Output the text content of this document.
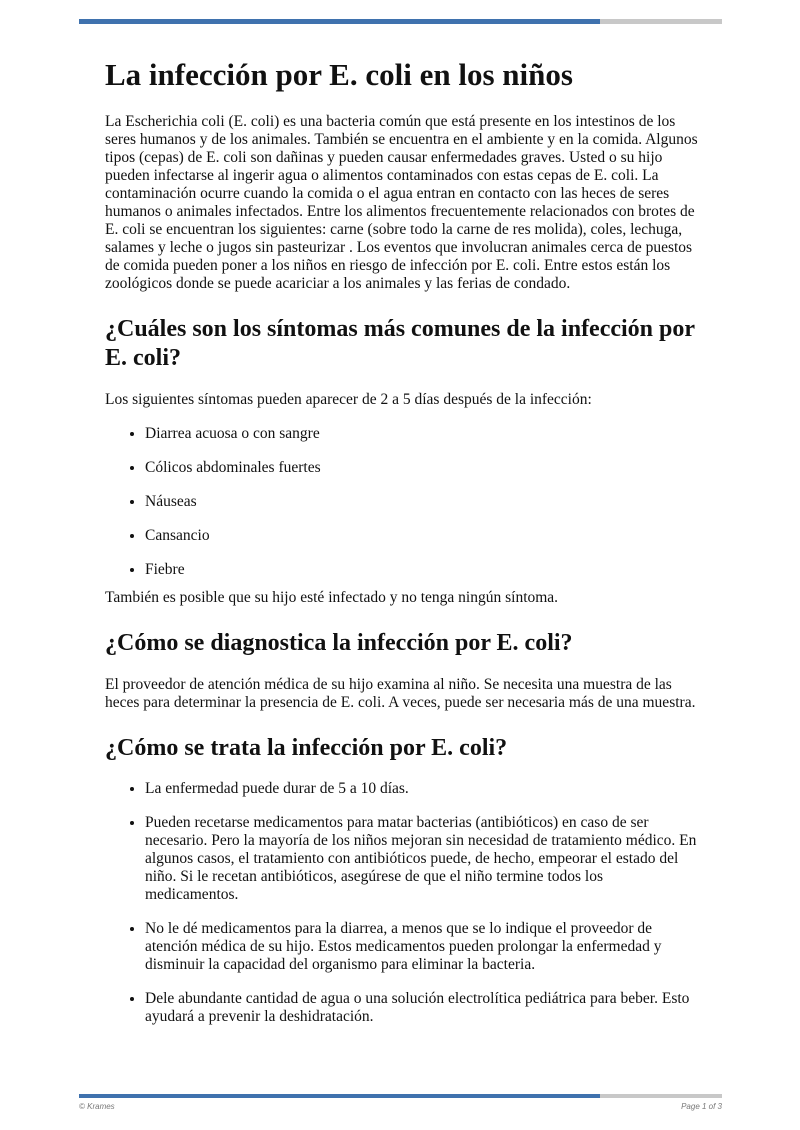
La infección por E. coli en los niños

La Escherichia coli (E. coli) es una bacteria común que está presente en los intestinos de los seres humanos y de los animales. También se encuentra en el ambiente y en la comida. Algunos tipos (cepas) de E. coli son dañinas y pueden causar enfermedades graves. Usted o su hijo pueden infectarse al ingerir agua o alimentos contaminados con estas cepas de E. coli. La contaminación ocurre cuando la comida o el agua entran en contacto con las heces de seres humanos o animales infectados. Entre los alimentos frecuentemente relacionados con brotes de E. coli se encuentran los siguientes: carne (sobre todo la carne de res molida), coles, lechuga, salames y leche o jugos sin pasteurizar . Los eventos que involucran animales cerca de puestos de comida pueden poner a los niños en riesgo de infección por E. coli. Entre estos están los zoológicos donde se puede acariciar a los animales y las ferias de condado.

¿Cuáles son los síntomas más comunes de la infección por E. coli?

Los siguientes síntomas pueden aparecer de 2 a 5 días después de la infección:

• Diarrea acuosa o con sangre
• Cólicos abdominales fuertes
• Náuseas
• Cansancio
• Fiebre

También es posible que su hijo esté infectado y no tenga ningún síntoma.

¿Cómo se diagnostica la infección por E. coli?

El proveedor de atención médica de su hijo examina al niño. Se necesita una muestra de las heces para determinar la presencia de E. coli. A veces, puede ser necesaria más de una muestra.

¿Cómo se trata la infección por E. coli?
• La enfermedad puede durar de 5 a 10 días.
• Pueden recetarse medicamentos para matar bacterias (antibióticos) en caso de ser necesario. Pero la mayoría de los niños mejoran sin necesidad de tratamiento médico. En algunos casos, el tratamiento con antibióticos puede, de hecho, empeorar el estado del niño. Si le recetan antibióticos, asegúrese de que el niño termine todos los medicamentos.
• No le dé medicamentos para la diarrea, a menos que se lo indique el proveedor de atención médica de su hijo. Estos medicamentos pueden prolongar la enfermedad y disminuir la capacidad del organismo para eliminar la bacteria.
• Dele abundante cantidad de agua o una solución electrolítica pediátrica para beber. Esto ayudará a prevenir la deshidratación.
© Krames	Page 1 of 3
